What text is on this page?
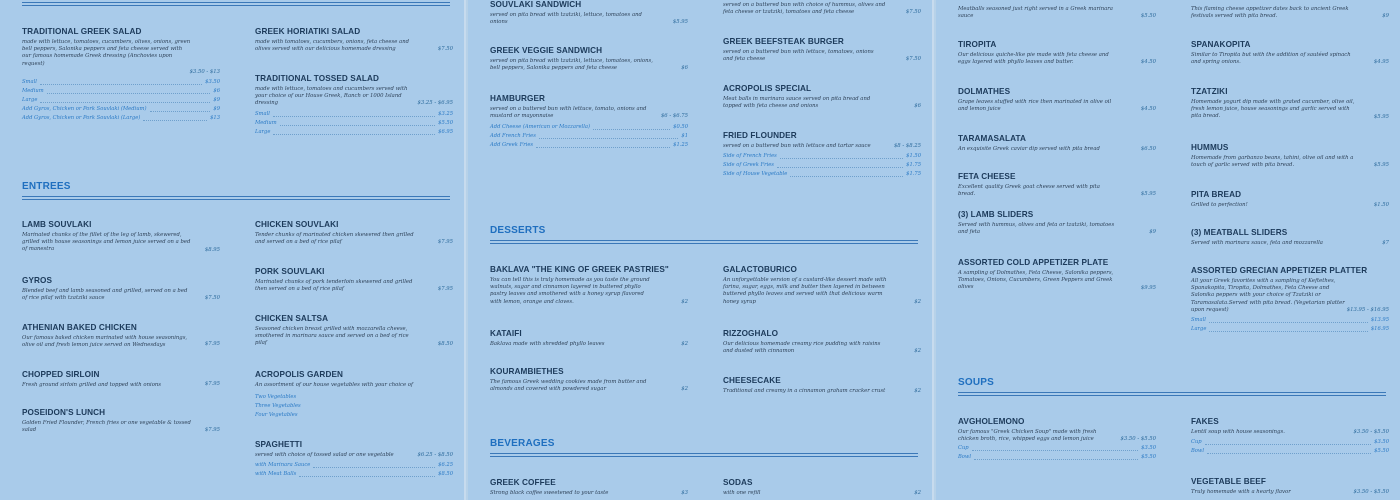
TRADITIONAL GREEK SALAD
made with lettuce, tomatoes, cucumbers, olives, onions, green bell peppers, Salonika peppers and feta cheese served with our famous homemade Greek dressing (Anchovies upon request)
$3.50 - $13
Small	$3.50
Medium	$6
Large	$9
Add Gyros, Chicken or Pork Souvlaki (Medium)	$9
Add Gyros, Chicken or Pork Souvlaki (Large)	$13
GREEK HORIATIKI SALAD
made with tomatoes, cucumbers, onions, feta cheese and olives served with our delicious homemade dressing	$7.50
TRADITIONAL TOSSED SALAD
made with lettuce, tomatoes and cucumbers served with your choice of our House Greek, Ranch or 1000 Island dressing	$3.25 - $6.95
Small	$3.25
Medium	$5.50
Large	$6.95
ENTREES
LAMB SOUVLAKI
Marinated chunks of the fillet of the leg of lamb, skewered, grilled with house seasonings and lemon juice served on a bed of manestra	$8.95
GYROS
Blended beef and lamb seasoned and grilled, served on a bed of rice pilaf with tzatziki sauce	$7.50
ATHENIAN BAKED CHICKEN
Our famous baked chicken marinated with house seasonings, olive oil and fresh lemon juice served on Wednesdays	$7.95
CHOPPED SIRLOIN
Fresh ground sirloin grilled and topped with onions	$7.95
POSEIDON'S LUNCH
Golden Fried Flounder, French fries or one vegetable & tossed salad	$7.95
CHICKEN SOUVLAKI
Tender chunks of marinated chicken skewered then grilled and served on a bed of rice pilaf	$7.95
PORK SOUVLAKI
Marinated chunks of pork tenderloin skewered and grilled then served on a bed of rice pilaf	$7.95
CHICKEN SALTSA
Seasoned chicken breast grilled with mozzarella cheese, smothered in marinara sauce and served on a bed of rice pilaf	$8.50
ACROPOLIS GARDEN
An assortment of our house vegetables with your choice of
Two Vegetables
Three Vegetables
Four Vegetables
SPAGHETTI
served with choice of tossed salad or one vegetable	$6.25 - $8.50
with Marinara Sauce	$6.25
with Meat Balls	$8.50
SOUVLAKI SANDWICH
served on pita bread with tzatziki, lettuce, tomatoes and onions	$5.95
GREEK VEGGIE SANDWICH
served on pita bread with tzatziki, lettuce, tomatoes, onions, bell peppers, Salonika peppers and feta cheese	$6
HAMBURGER
served on a buttered bun with lettuce, tomato, onions and mustard or mayonnaise	$6 - $6.75
Add Cheese (American or Mozzarella)	$0.50
Add French Fries	$1
Add Greek Fries	$1.25
served on a buttered bun with choice of hummus, olives and feta cheese or tzatziki, tomatoes and feta cheese	$7.50
GREEK BEEFSTEAK BURGER
served on a buttered bun with lettuce, tomatoes, onions and feta cheese	$7.50
ACROPOLIS SPECIAL
Meat balls in marinara sauce served on pita bread and topped with feta cheese and onions	$6
FRIED FLOUNDER
served on a buttered bun with lettuce and tartar sauce	$8 - $8.25
Side of French Fries	$1.50
Side of Greek Fries	$1.75
Side of House Vegetable	$1.75
DESSERTS
BAKLAVA "THE KING OF GREEK PASTRIES"
You can tell this is truly homemade as you taste the ground walnuts, sugar and cinnamon layered in buttered phyllo pastry leaves and smothered with a honey syrup flavored with lemon, orange and cloves.	$2
KATAIFI
Baklava made with shredded phyllo leaves	$2
KOURAMBIETHES
The famous Greek wedding cookies made from butter and almonds and covered with powdered sugar	$2
GALACTOBURICO
An unforgettable version of a custard-like dessert made with farina, sugar, eggs, milk and butter then layered in between buttered phyllo leaves and served with that delicious warm honey syrup	$2
RIZZOGHALO
Our delicious homemade creamy rice pudding with raisins and dusted with cinnamon	$2
CHEESECAKE
Traditional and creamy in a cinnamon graham cracker crust	$2
BEVERAGES
GREEK COFFEE
Strong black coffee sweetened to your taste	$3
SODAS
with one refill	$2
Meatballs seasoned just right served in a Greek marinara sauce	$5.50
This flaming cheese appetizer dates back to ancient Greek festivals served with pita bread.	$9
TIROPITA
Our delicious quiche-like pie made with feta cheese and eggs layered with phyllo leaves and butter.	$4.50
DOLMATHES
Grape leaves stuffed with rice then marinated in olive oil and lemon juice	$4.50
TARAMASALATA
An exquisite Greek caviar dip served with pita bread	$6.50
FETA CHEESE
Excellent quality Greek goat cheese served with pita bread.	$5.95
(3) LAMB SLIDERS
Served with hummus, olives and feta or tzatziki, tomatoes and feta	$9
ASSORTED COLD APPETIZER PLATE
A sampling of Dolmathes, Feta Cheese, Salonika peppers, Tomatoes, Onions, Cucumbers, Green Peppers and Greek olives	$9.95
SPANAKOPITA
Similar to Tiropita but with the addition of sautéed spinach and spring onions.	$4.95
TZATZIKI
Homemade yogurt dip made with grated cucumber, olive oil, fresh lemon juice, house seasonings and garlic served with pita bread.	$5.95
HUMMUS
Homemade from garbanzo beans, tahini, olive oil and with a touch of garlic served with pita bread.	$5.95
PITA BREAD
Grilled to perfection!	$1.50
(3) MEATBALL SLIDERS
Served with marinara sauce, feta and mozzarella	$7
ASSORTED GRECIAN APPETIZER PLATTER
All your Greek favorites with a sampling of Keftethes, Spanakopita, Tiropita, Dolmathes, Feta Cheese and Salonika peppers with your choice of Tzatziki or Taramasalata.Served with pita bread. (Vegetarian platter upon request)	$13.95 - $16.95
Small	$13.95
Large	$16.95
SOUPS
AVGHOLEMONO
Our famous "Greek Chicken Soup" made with fresh chicken broth, rice, whipped eggs and lemon juice	$3.50 - $5.50
Cup	$3.50
Bowl	$5.50
FAKES
Lentil soup with house seasonings.	$3.50 - $5.50
Cup	$3.50
Bowl	$5.50
VEGETABLE BEEF
Truly homemade with a hearty flavor	$3.50 - $5.50
